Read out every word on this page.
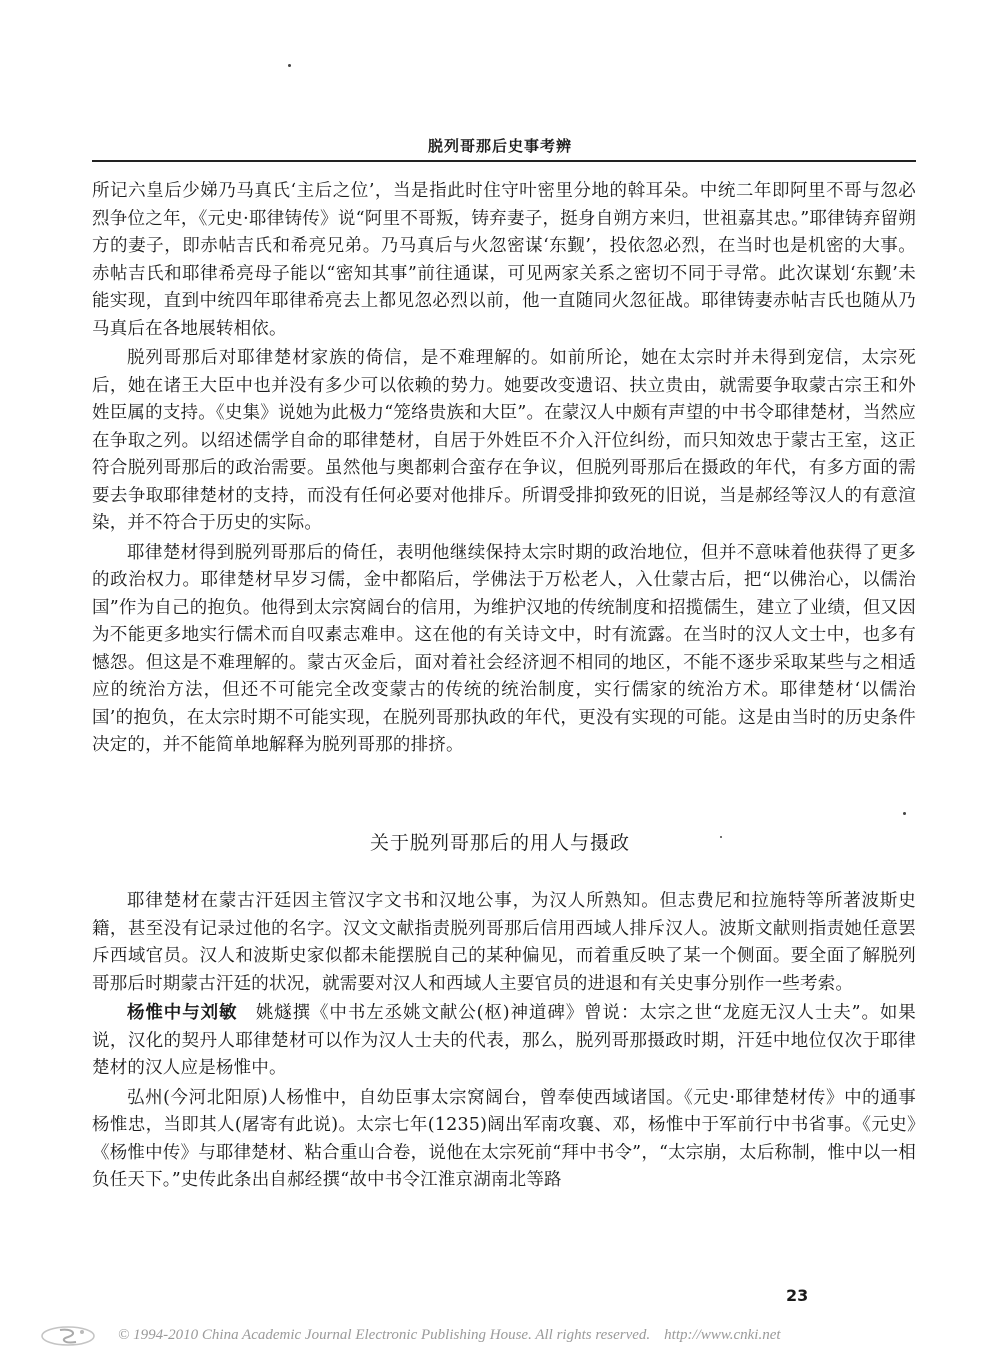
脱列哥那后史事考辨

所记六皇后少娣乃马真氏‘主后之位’，当是指此时住守叶密里分地的斡耳朵。中统二年即阿里不哥与忽必烈争位之年，《元史·耶律铸传》说“阿里不哥叛，铸弃妻子，挺身自朔方来归，世祖嘉其忠。”耶律铸弃留朔方的妻子，即赤帖吉氏和希亮兄弟。乃马真后与火忽密谋‘东觐’，投依忽必烈，在当时也是机密的大事。赤帖吉氏和耶律希亮母子能以“密知其事”前往通谋，可见两家关系之密切不同于寻常。此次谋划‘东觐’未能实现，直到中统四年耶律希亮去上都见忽必烈以前，他一直随同火忽征战。耶律铸妻赤帖吉氏也随从乃马真后在各地展转相依。

脱列哥那后对耶律楚材家族的倚信，是不难理解的。如前所论，她在太宗时并未得到宠信，太宗死后，她在诸王大臣中也并没有多少可以依赖的势力。她要改变遗诏、扶立贵由，就需要争取蒙古宗王和外姓臣属的支持。《史集》说她为此极力“笼络贵族和大臣”。在蒙汉人中颇有声望的中书令耶律楚材，当然应在争取之列。以绍述儒学自命的耶律楚材，自居于外姓臣不介入汗位纠纷，而只知效忠于蒙古王室，这正符合脱列哥那后的政治需要。虽然他与奥都剌合蛮存在争议，但脱列哥那后在摄政的年代，有多方面的需要去争取耶律楚材的支持，而没有任何必要对他排斥。所谓受排抑致死的旧说，当是郝经等汉人的有意渲染，并不符合于历史的实际。

耶律楚材得到脱列哥那后的倚任，表明他继续保持太宗时期的政治地位，但并不意味着他获得了更多的政治权力。耶律楚材早岁习儒，金中都陷后，学佛法于万松老人，入仕蒙古后，把“以佛治心，以儒治国”作为自己的抱负。他得到太宗窝阔台的信用，为维护汉地的传统制度和招揽儒生，建立了业绩，但又因为不能更多地实行儒术而自叹素志难申。这在他的有关诗文中，时有流露。在当时的汉人文士中，也多有憾怨。但这是不难理解的。蒙古灭金后，面对着社会经济迥不相同的地区，不能不逐步采取某些与之相适应的统治方法，但还不可能完全改变蒙古的传统的统治制度，实行儒家的统治方术。耶律楚材‘以儒治国’的抱负，在太宗时期不可能实现，在脱列哥那执政的年代，更没有实现的可能。这是由当时的历史条件决定的，并不能简单地解释为脱列哥那的排挤。

关于脱列哥那后的用人与摄政

耶律楚材在蒙古汗廷因主管汉字文书和汉地公事，为汉人所熟知。但志费尼和拉施特等所著波斯史籍，甚至没有记录过他的名字。汉文文献指责脱列哥那后信用西域人排斥汉人。波斯文献则指责她任意罢斥西域官员。汉人和波斯史家似都未能摆脱自己的某种偏见，而着重反映了某一个侧面。要全面了解脱列哥那后时期蒙古汗廷的状况，就需要对汉人和西域人主要官员的进退和有关史事分别作一些考索。

杨惟中与刘敏　姚燧撰《中书左丞姚文献公(枢)神道碑》曾说：太宗之世“龙庭无汉人士夫”。如果说，汉化的契丹人耶律楚材可以作为汉人士夫的代表，那么，脱列哥那摄政时期，汗廷中地位仅次于耶律楚材的汉人应是杨惟中。

弘州(今河北阳原)人杨惟中，自幼臣事太宗窝阔台，曾奉使西域诸国。《元史·耶律楚材传》中的通事杨惟忠，当即其人(屠寄有此说)。太宗七年(1235)阔出军南攻襄、邓，杨惟中于军前行中书省事。《元史》《杨惟中传》与耶律楚材、粘合重山合卷，说他在太宗死前“拜中书令”，“太宗崩，太后称制，惟中以一相负任天下。”史传此条出自郝经撰“故中书令江淮京湖南北等路

23
© 1994-2010 China Academic Journal Electronic Publishing House. All rights reserved. http://www.cnki.net
